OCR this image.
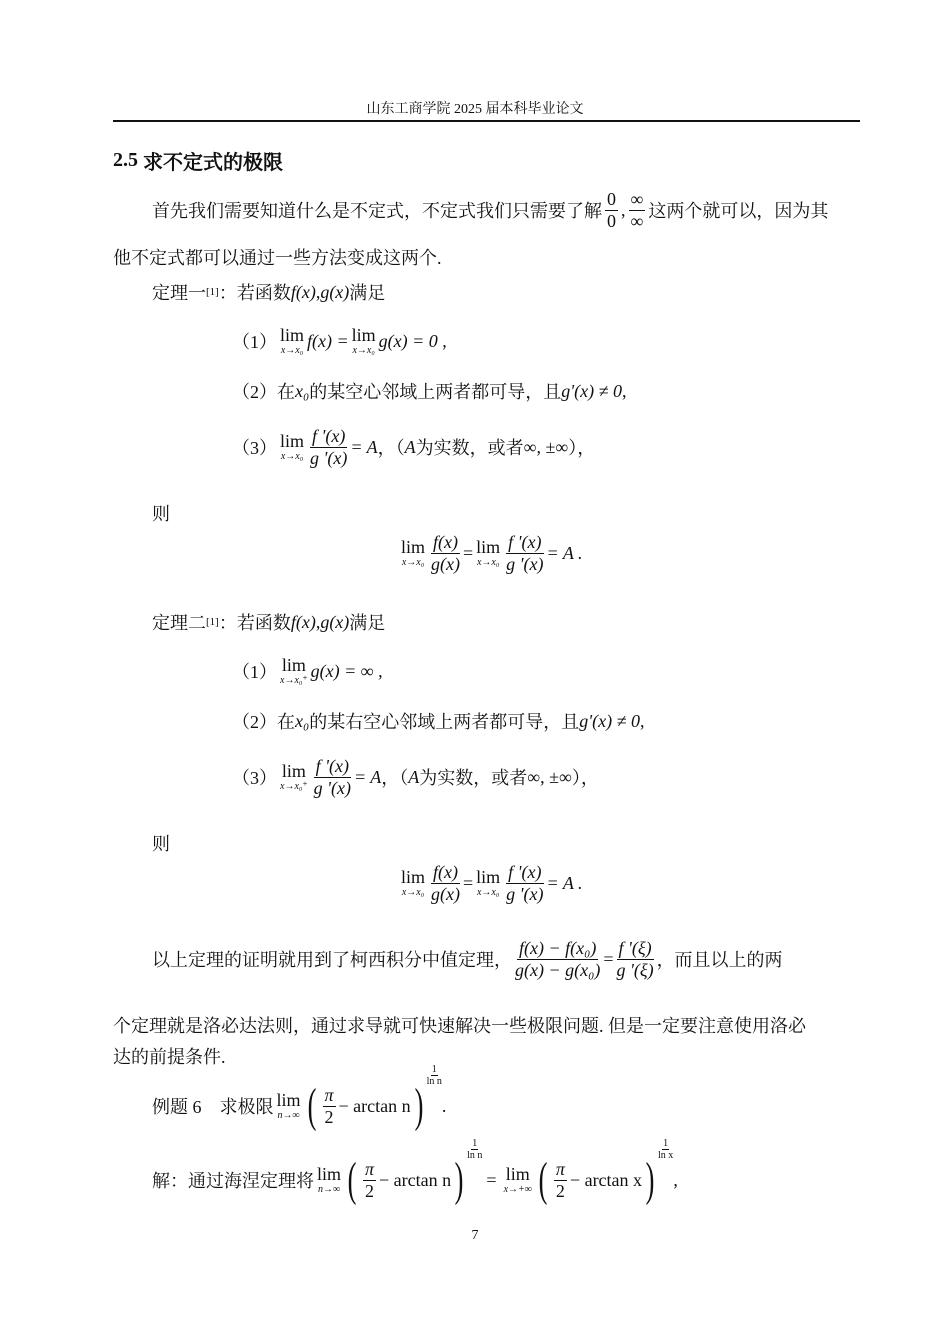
山东工商学院 2025 届本科毕业论文
2.5
求不定式的极限
首先我们需要知道什么是不定式，不定式我们只需要了解
0
0
,
∞
∞ 这两个就可以，因为其
他不定式都可以通过一些方法变成这两个.
定理一 [1] ：若函数 f(x) , g(x) 满足
（1） lim
x→x₀ f(x) = lim
x→x₀ g(x) = 0 ,
（2）在 x₀ 的某空心邻域上两者都可导，且 g'(x) ≠ 0 ,
（3） lim
$x\to x_0 \frac{f '(x)}{g '(x)} = A$ ，（ A 为实数，或者 ∞, ±∞ ），
则
lim
$x\to x_0 \frac{f(x)}{g(x)} = \lim$
$x\to x_0 \frac{f '(x)}{g '(x)} = A$ .
定理二 [1] ：若函数 f(x) , g(x) 满足
（1） lim
x→x₀⁺ g(x) = ∞ ,
（2）在 x₀ 的某右空心邻域上两者都可导，且 g'(x) ≠ 0 ,
（3） lim
$x\to x_0^+ \frac{f '(x)}{g '(x)} = A$ ，（ A 为实数，或者 ∞, ±∞ ），
则
lim
$x\to x_0 \frac{f(x)}{g(x)} = \lim$
$x\to x_0 \frac{f '(x)}{g '(x)} = A$ .
以上定理的证明就用到了柯西积分中值定理， $\frac{\text{f(x) − f(x₀)}}{\text{g(x) − g(x₀)}} = \frac{f '(\xi)}{g '(\xi)}$ ，而且以上的两
个定理就是洛必达法则，通过求导就可快速解决一些极限问题. 但是一定要注意使用洛必
达的前提条件.
例题 6　求极限 lim
n→∞ ( π
2
− arctan n )
1
ln n
.
解：通过海涅定理将 lim
n→∞ ( π
2
− arctan n )
$\frac{1}{\text{ln n}}$
= lim
x→+∞ ( π
2
− arctan x )
1
ln x
,
7
